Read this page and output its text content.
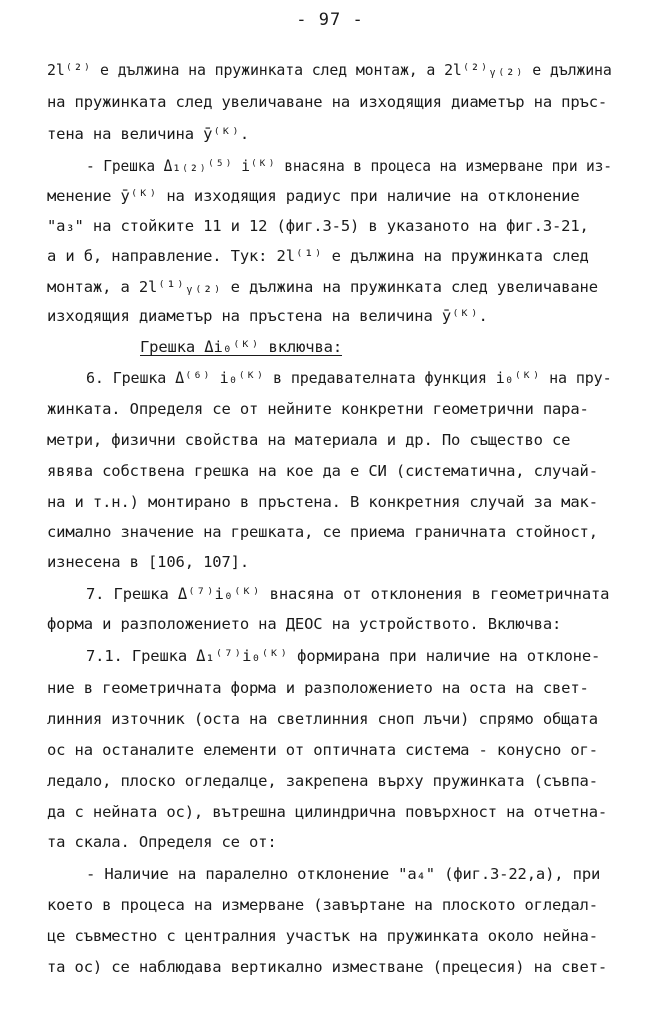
- 97 -
2l⁽²⁾ е дължина на пружинката след монтаж, а 2l⁽²⁾ᵧ₍₂₎ е дължина
на пружинката след увеличаване на изходящия диаметър на пръс-
тена на величина ȳ⁽ᴷ⁾.
- Грешка Δ₁₍₂₎⁽⁵⁾ i⁽ᴷ⁾ внасяна в процеса на измерване при из-
менение ȳ⁽ᴷ⁾ на изходящия радиус при наличие на отклонение
"a₃" на стойките 11 и 12 (фиг.3-5) в указаното на фиг.3-21,
а и б, направление. Тук: 2l⁽¹⁾ е дължина на пружинката след
монтаж, а 2l⁽¹⁾ᵧ₍₂₎ е дължина на пружинката след увеличаване
изходящия диаметър на пръстена на величина ȳ⁽ᴷ⁾.
Грешка Δi₀⁽ᴷ⁾ включва:
6. Грешка Δ⁽⁶⁾ i₀⁽ᴷ⁾ в предавателната функция i₀⁽ᴷ⁾ на пру-
жинката. Определя се от нейните конкретни геометрични пара-
метри, физични свойства на материала и др. По същество се
явява собствена грешка на кое да е СИ (систематична, случай-
на и т.н.) монтирано в пръстена. В конкретния случай за мак-
симално значение на грешката, се приема граничната стойност,
изнесена в [106, 107].
7. Грешка Δ⁽⁷⁾i₀⁽ᴷ⁾ внасяна от отклонения в геометричната
форма и разположението на ДЕОС на устройството. Включва:
7.1. Грешка Δ₁⁽⁷⁾i₀⁽ᴷ⁾ формирана при наличие на отклоне-
ние в геометричната форма и разположението на оста на свет-
линния източник (оста на светлинния сноп лъчи) спрямо общата
ос на останалите елементи от оптичната система - конусно ог-
ледало, плоско огледалце, закрепена върху пружинката (съвпа-
да с нейната ос), вътрешна цилиндрична повърхност на отчетна-
та скала. Определя се от:
- Наличие на паралелно отклонение "a₄" (фиг.3-22,а), при
което в процеса на измерване (завъртане на плоското огледал-
це съвместно с централния участък на пружинката около нейна-
та ос) се наблюдава вертикално изместване (прецесия) на свет-
